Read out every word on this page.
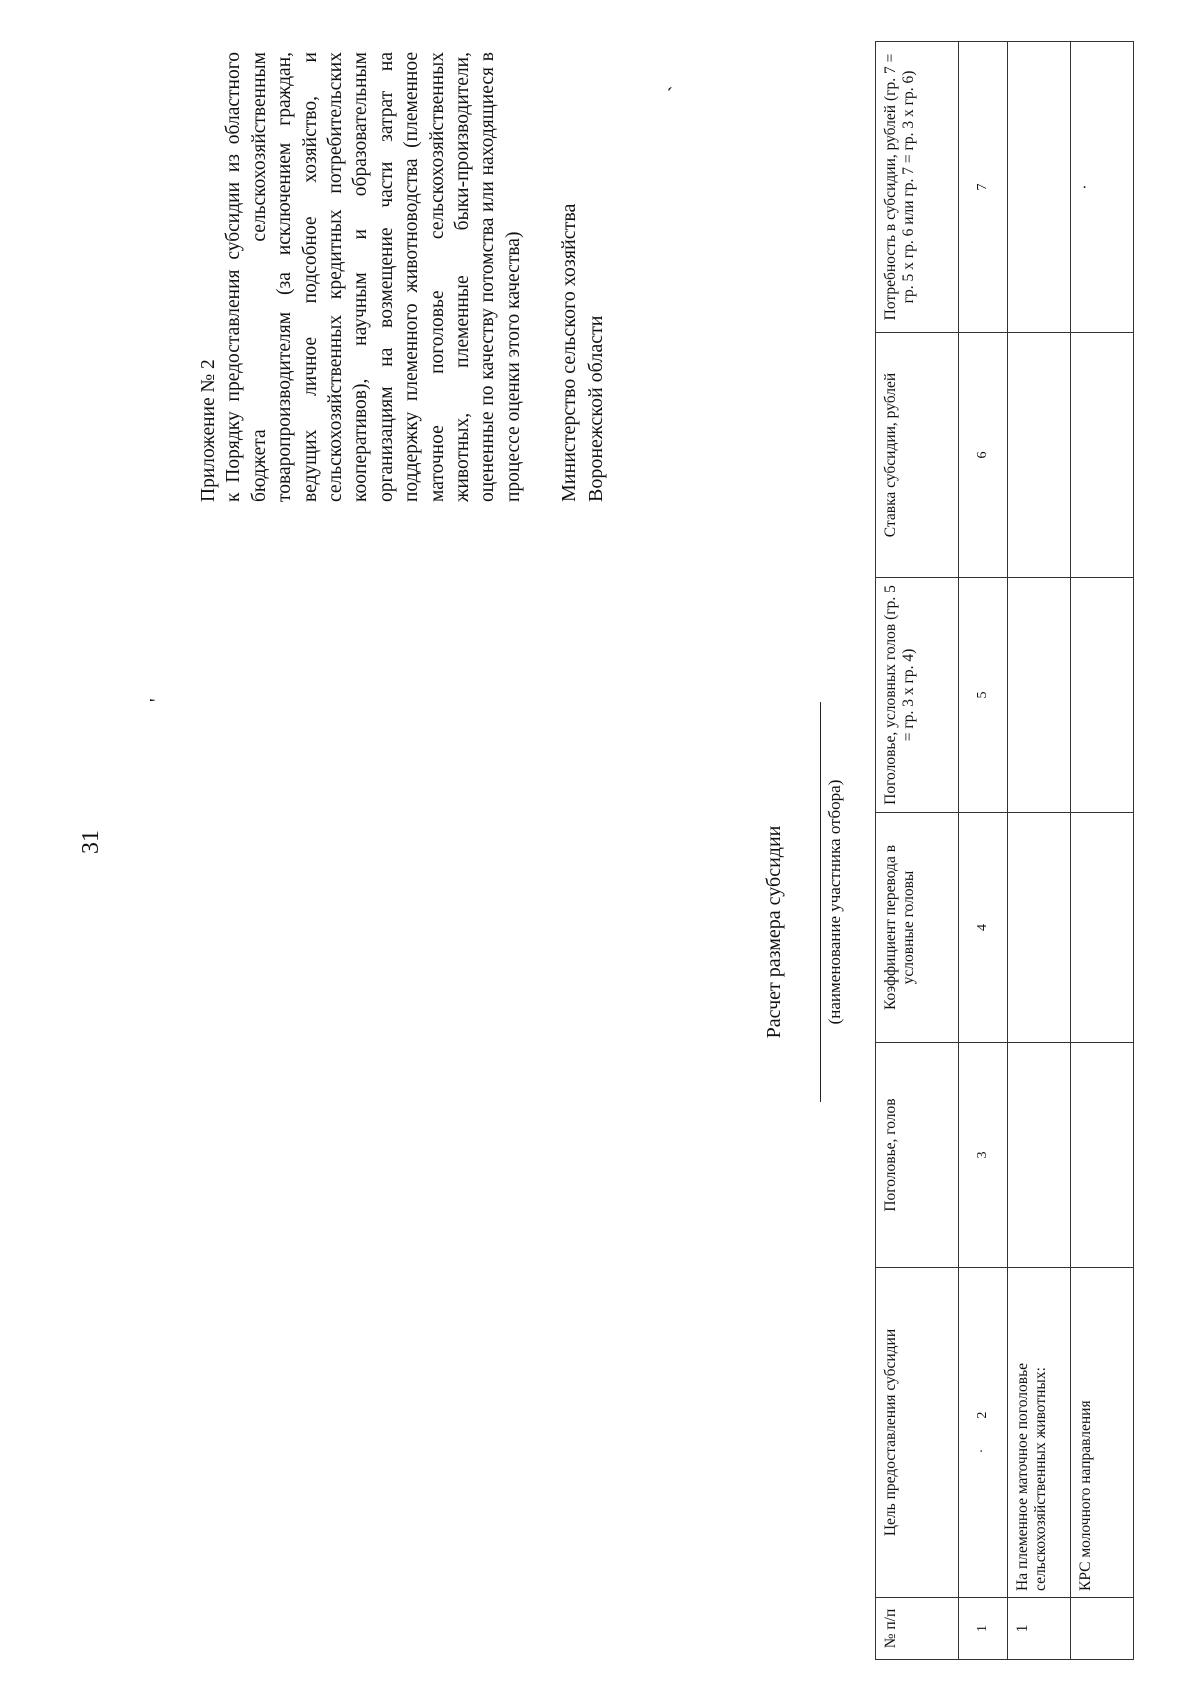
31
Приложение № 2 к Порядку предоставления субсидии из областного бюджета сельскохозяйственным товаропроизводителям (за исключением граждан, ведущих личное подсобное хозяйство, и сельскохозяйственных кредитных потребительских кооперативов), научным и образовательным организациям на возмещение части затрат на поддержку племенного животноводства (племенное маточное поголовье сельскохозяйственных животных, племенные быки-производители, оцененные по качеству потомства или находящиеся в процессе оценки этого качества) Министерство сельского хозяйства Воронежской области
Расчет размера субсидии (наименование участника отбора)
№ п/п	Цель предоставления субсидии	Поголовье, голов	Коэффициент перевода в условные головы	Поголовье, условных голов (гр. 5 = гр. 3 х гр. 4)	Ставка субсидии, рублей	Потребность в субсидии, рублей (гр. 7 = гр. 5 х гр. 6 или гр. 7 = гр. 3 х гр. 6)
1	·2	3	4	5	6	7
1	На племенное маточное поголовье сельскохозяйственных животных:					
	КРС молочного направления					·
'
ˏ
